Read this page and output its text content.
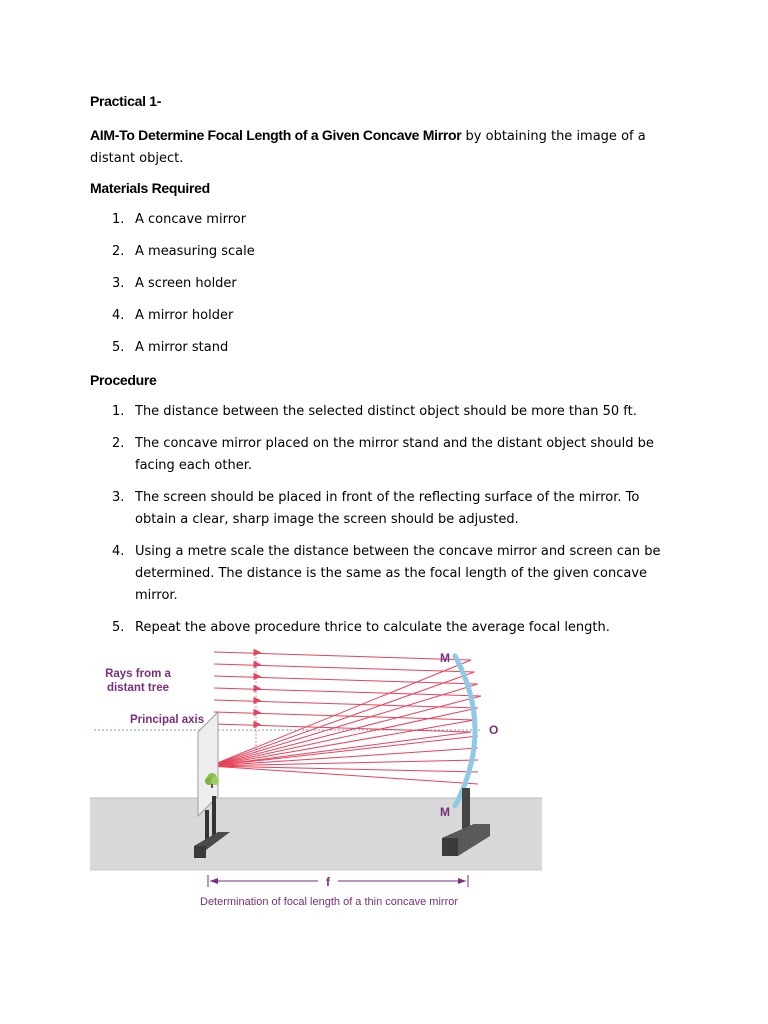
Practical 1-
AIM-To Determine Focal Length of a Given Concave Mirror by obtaining the image of a distant object.
Materials Required
1. A concave mirror
2. A measuring scale
3. A screen holder
4. A mirror holder
5. A mirror stand
Procedure
1. The distance between the selected distinct object should be more than 50 ft.
2. The concave mirror placed on the mirror stand and the distant object should be facing each other.
3. The screen should be placed in front of the reflecting surface of the mirror. To obtain a clear, sharp image the screen should be adjusted.
4. Using a metre scale the distance between the concave mirror and screen can be determined. The distance is the same as the focal length of the given concave mirror.
5. Repeat the above procedure thrice to calculate the average focal length.
Rays from a
distant tree
Principal axis
M
M
O
f
Determination of focal length of a thin concave mirror
